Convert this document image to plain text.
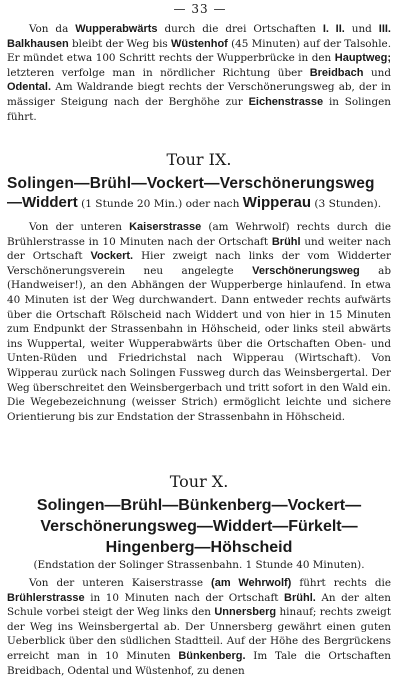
— 33 —

Von da Wupperabwärts durch die drei Ortschaften I. II. und III. Balkhausen bleibt der Weg bis Wüstenhof (45 Minuten) auf der Talsohle. Er mündet etwa 100 Schritt rechts der Wupperbrücke in den Hauptweg; letzteren verfolge man in nördlicher Richtung über Breidbach und Odental. Am Waldrande biegt rechts der Verschönerungsweg ab, der in mässiger Steigung nach der Berghöhe zur Eichenstrasse in Solingen führt.

Tour IX.
Solingen—Brühl—Vockert—Verschönerungsweg
—Widdert (1 Stunde 20 Min.) oder nach Wipperau (3 Stunden).

Von der unteren Kaiserstrasse (am Wehrwolf) rechts durch die Brühlerstrasse in 10 Minuten nach der Ortschaft Brühl und weiter nach der Ortschaft Vockert. Hier zweigt nach links der vom Widderter Verschönerungsverein neu angelegte Verschönerungsweg ab (Handweiser!), an den Abhängen der Wupperberge hinlaufend. In etwa 40 Minuten ist der Weg durchwandert. Dann entweder rechts aufwärts über die Ortschaft Rölscheid nach Widdert und von hier in 15 Minuten zum Endpunkt der Strassenbahn in Höhscheid, oder links steil abwärts ins Wuppertal, weiter Wupperabwärts über die Ortschaften Oben- und Unten-Rüden und Friedrichstal nach Wipperau (Wirtschaft). Von Wipperau zurück nach Solingen Fussweg durch das Weinsbergertal. Der Weg überschreitet den Weinsbergerbach und tritt sofort in den Wald ein. Die Wegebezeichnung (weisser Strich) ermöglicht leichte und sichere Orientierung bis zur Endstation der Strassenbahn in Höhscheid.

Tour X.
Solingen—Brühl—Bünkenberg—Vockert—
Verschönerungsweg—Widdert—Fürkelt—
Hingenberg—Höhscheid
(Endstation der Solinger Strassenbahn. 1 Stunde 40 Minuten).

Von der unteren Kaiserstrasse (am Wehrwolf) führt rechts die Brühlerstrasse in 10 Minuten nach der Ortschaft Brühl. An der alten Schule vorbei steigt der Weg links den Unnersberg hinauf; rechts zweigt der Weg ins Weinsbergertal ab. Der Unnersberg gewährt einen guten Ueberblick über den südlichen Stadtteil. Auf der Höhe des Bergrückens erreicht man in 10 Minuten Bünkenberg. Im Tale die Ortschaften Breidbach, Odental und Wüstenhof, zu denen
